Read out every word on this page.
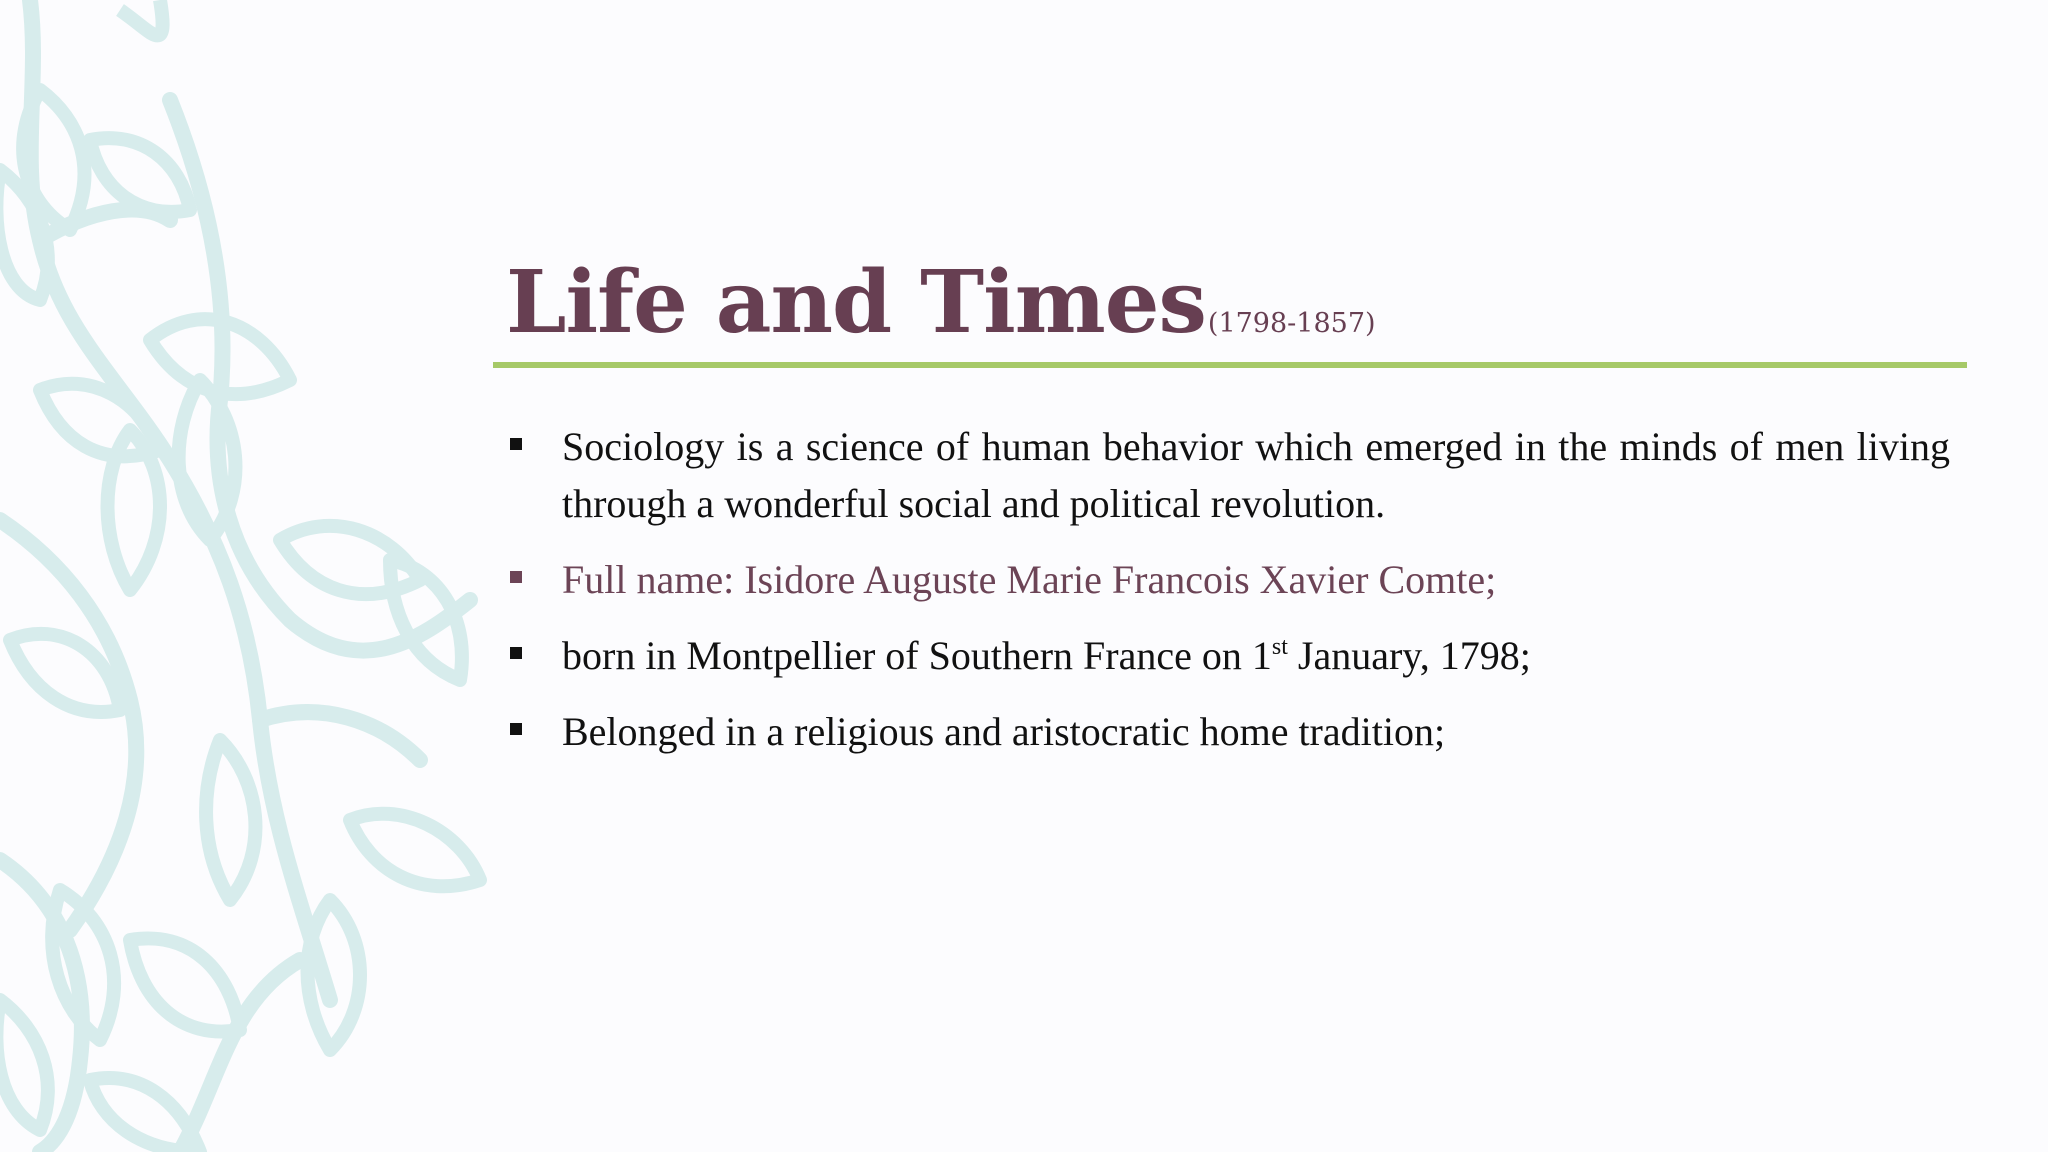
Life and Times(1798-1857)
Sociology is a science of human behavior which emerged in the minds of men living through a wonderful social and political revolution.
Full name: Isidore Auguste Marie Francois Xavier Comte;
born in Montpellier of Southern France on 1st January, 1798;
Belonged in a religious and aristocratic home tradition;
